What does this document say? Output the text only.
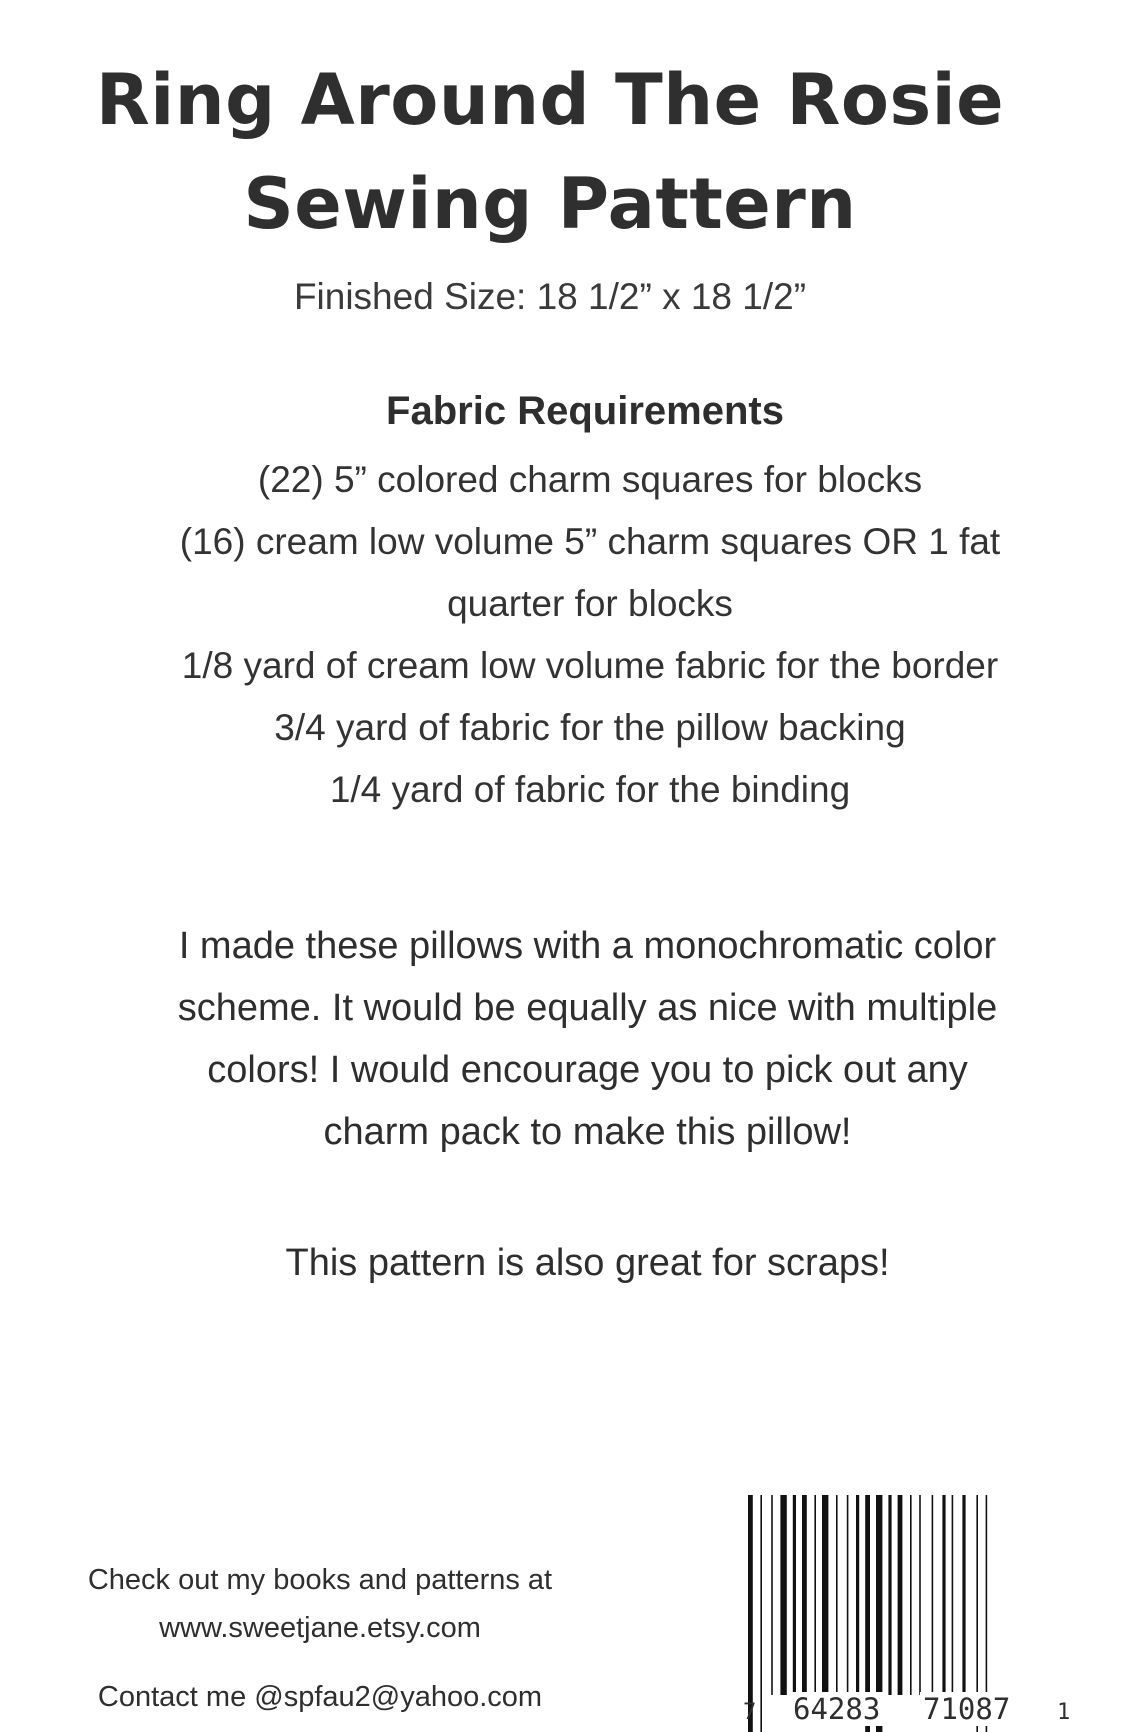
Ring Around The Rosie
Sewing Pattern
Finished Size: 18 1/2” x 18 1/2”
Fabric Requirements
(22) 5” colored charm squares for blocks
(16) cream low volume 5” charm squares OR 1 fat quarter for blocks
1/8 yard of cream low volume fabric for the border
3/4 yard of fabric for the pillow backing
1/4 yard of fabric for the binding

I made these pillows with a monochromatic color scheme. It would be equally as nice with multiple colors! I would encourage you to pick out any charm pack to make this pillow!

This pattern is also great for scraps!

Check out my books and patterns at

www.sweetjane.etsy.com

Contact me @spfau2@yahoo.com	7 64283 71087 1
